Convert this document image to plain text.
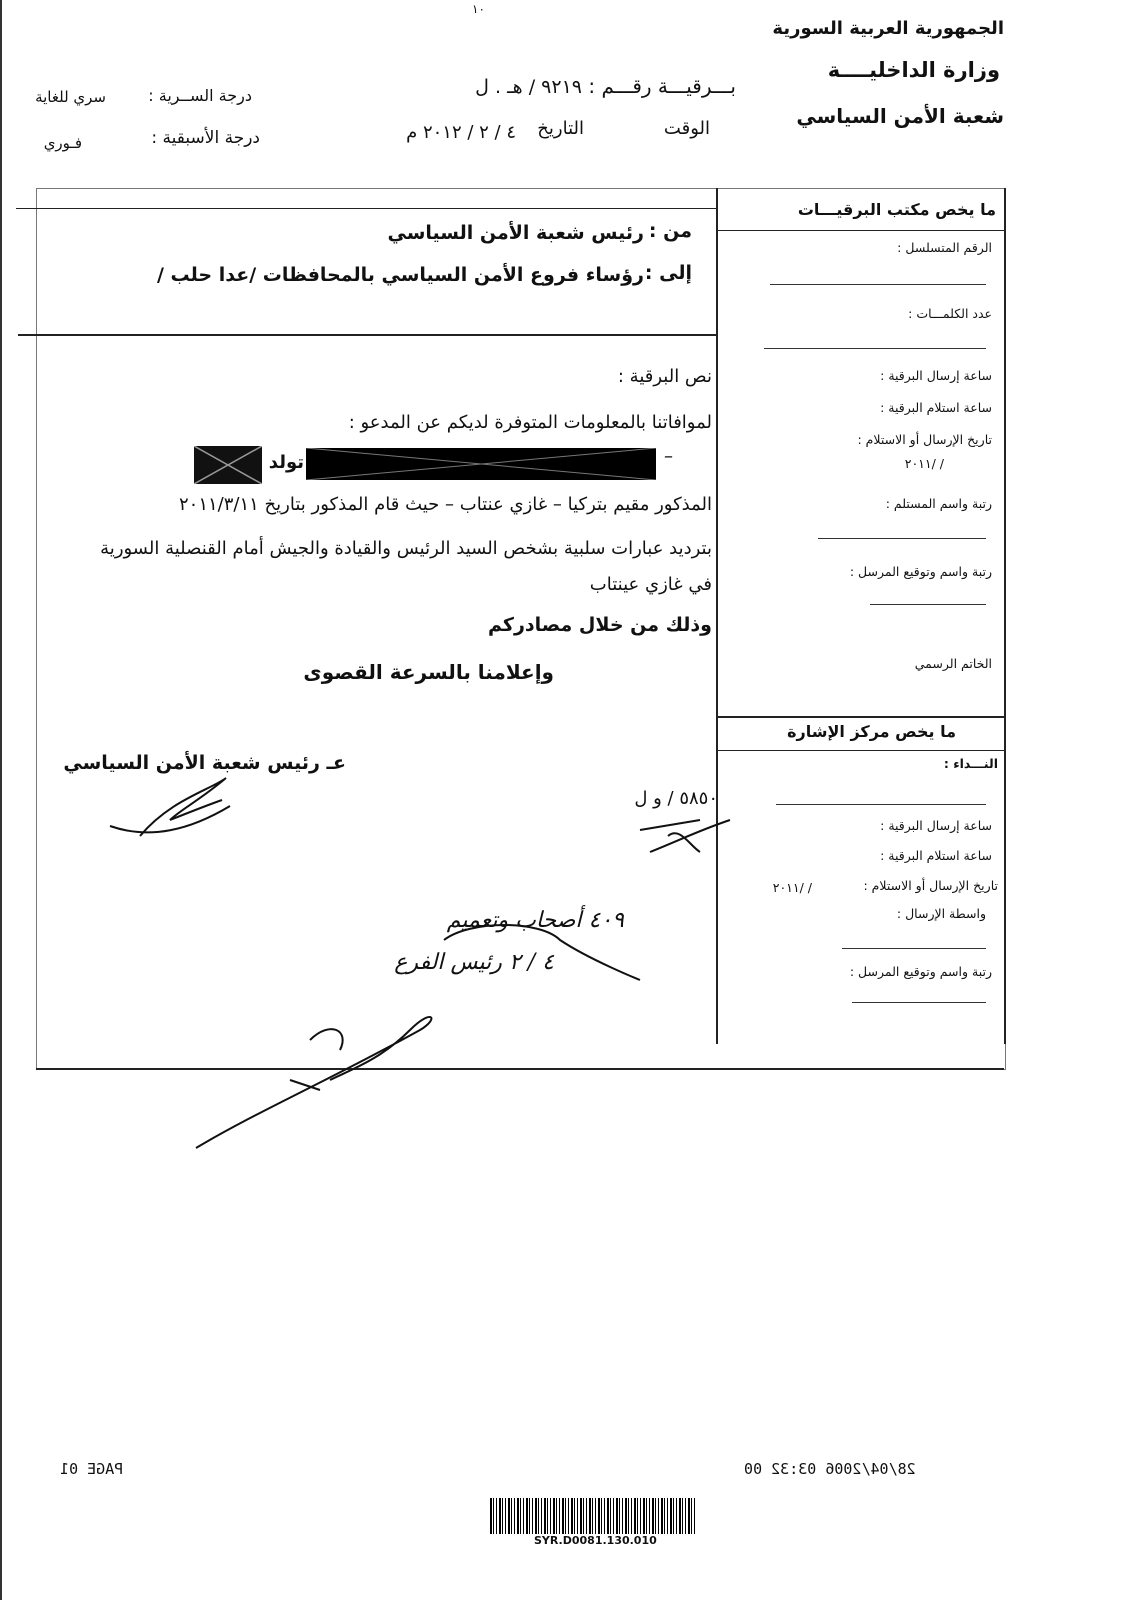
الجمهورية العربية السورية
وزارة الداخليــــة
شعبة الأمن السياسي
١٠
بـــرقيـــة رقـــم :
٩٢١٩ / هـ . ل
الوقت
التاريخ
٤ / ٢ / ٢٠١٢ م
درجة الســرية :
سري للغاية
درجة الأسبقية :
فـوري
من :
رئيس شعبة الأمن السياسي
إلى :
رؤساء فروع الأمن السياسي بالمحافظات /عدا حلب /
نص البرقية :
لموافاتنا بالمعلومات المتوفرة لديكم عن المدعو :
–
تولد
المذكور مقيم بتركيا – غازي عنتاب – حيث قام المذكور بتاريخ ٢٠١١/٣/١١
بترديد عبارات سلبية بشخص السيد الرئيس والقيادة والجيش أمام القنصلية السورية
في غازي عينتاب
وذلك من خلال مصادركم
وإعلامنا بالسرعة القصوى
عـ رئيس شعبة الأمن السياسي
٥٨٥٠ / و ل
٤٠٩ أصحاب وتعميم
٤ / ٢ رئيس الفرع
ما يخص مكتب البرقيـــات
الرقم المتسلسل :
عدد الكلمـــات :
ساعة إرسال البرقية :
ساعة استلام البرقية :
تاريخ الإرسال أو الاستلام :
/ /٢٠١١
رتبة واسم المستلم :
رتبة واسم وتوقيع المرسل :
الخاتم الرسمي
ما يخص مركز الإشارة
النـــداء :
ساعة إرسال البرقية :
ساعة استلام البرقية :
تاريخ الإرسال أو الاستلام :
/ /٢٠١١
واسطة الإرسال :
رتبة واسم وتوقيع المرسل :
28/04/2006 03:32 00
PAGE 01
SYR.D0081.130.010
